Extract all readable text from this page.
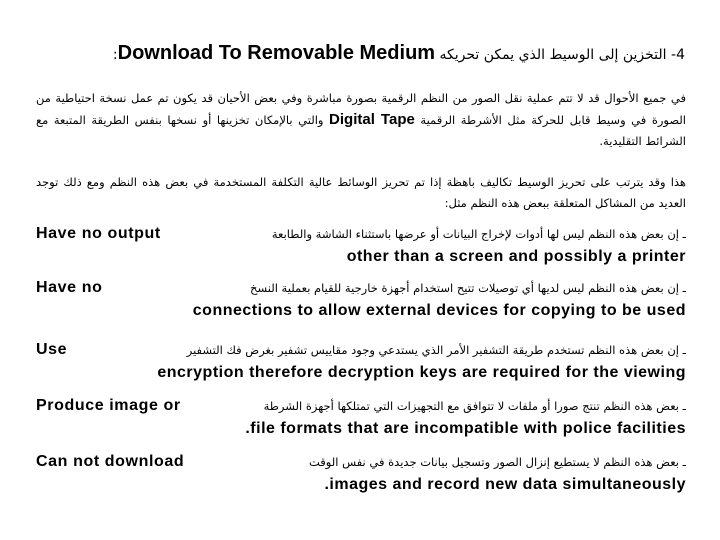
4- التخزين إلى الوسيط الذي يمكن تحريكه Download To Removable Medium:
في جميع الأحوال قد لا تتم عملية نقل الصور من النظم الرقمية بصورة مباشرة وفي بعض الأحيان قد يكون تم عمل نسخة احتياطية من الصورة في وسيط قابل للحركة مثل الأشرطة الرقمية Digital Tape والتي بالإمكان تخزينها أو نسخها بنفس الطريقة المتبعة مع الشرائط التقليدية.
هذا وقد يترتب على تحريز الوسيط تكاليف باهظة إذا تم تحريز الوسائط عالية التكلفة المستخدمة في بعض هذه النظم ومع ذلك توجد العديد من المشاكل المتعلقة ببعض هذه النظم مثل:
ـ إن بعض هذه النظم ليس لها أدوات لإخراج البيانات أو عرضها باستثناء الشاشة والطابعة
Have no output
other than a screen and possibly a printer
ـ إن بعض هذه النظم ليس لديها أي توصيلات تتيح استخدام أجهزة خارجية للقيام بعملية النسخ
Have no
connections to allow external devices for copying to be used
ـ إن بعض هذه النظم تستخدم طريقة التشفير الأمر الذي يستدعي وجود مقاييس تشفير بغرض فك التشفير
Use
encryption therefore decryption keys are required for the viewing
ـ بعض هذه النظم تنتج صورا أو ملفات لا تتوافق مع التجهيزات التي تمتلكها أجهزة الشرطة
Produce image or
.file formats that are incompatible with police facilities
ـ بعض هذه النظم لا يستطيع إنزال الصور وتسجيل بيانات جديدة في نفس الوقت
Can not download
.images and record new data simultaneously
